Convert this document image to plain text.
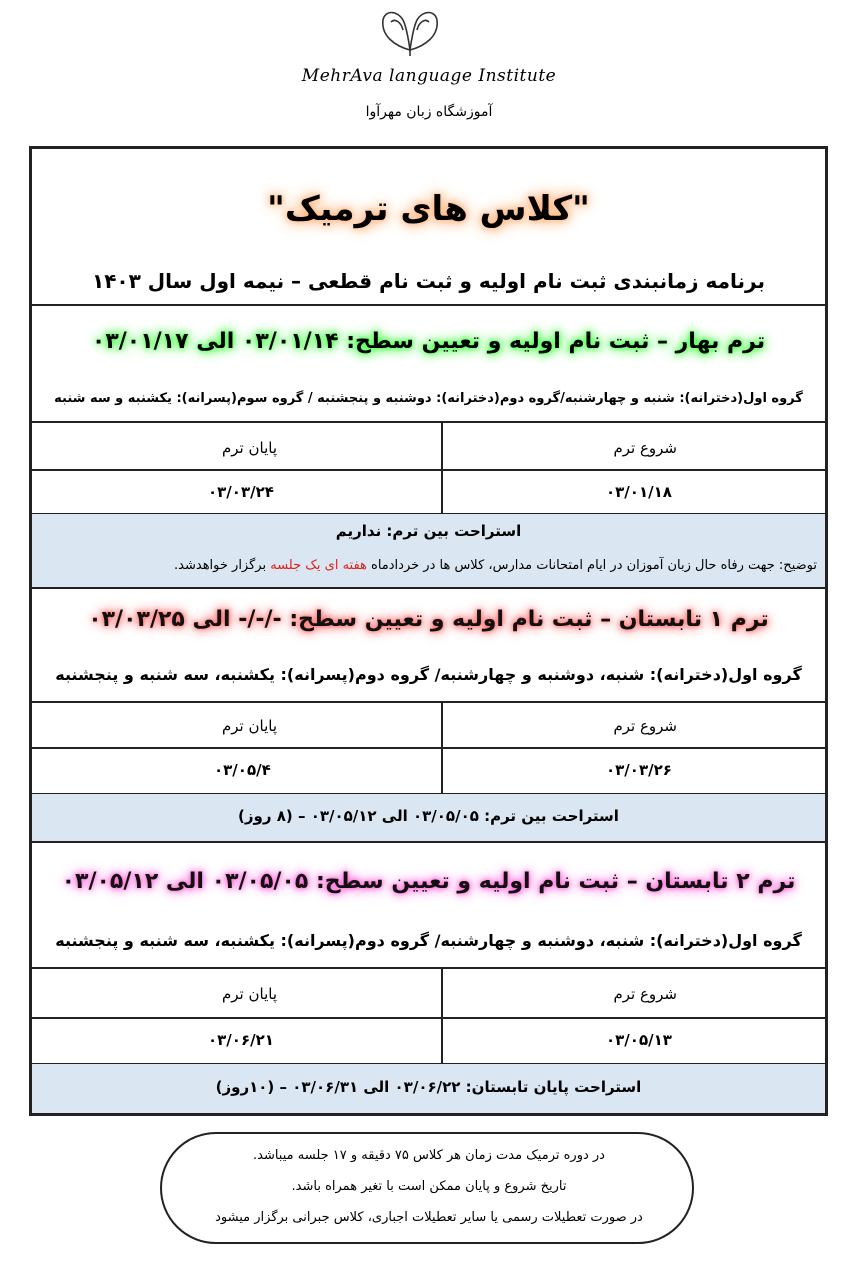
MehrAva language Institute
آموزشگاه زبان مهرآوا
"کلاس های ترمیک"
برنامه زمانبندی ثبت نام اولیه و ثبت نام قطعی – نیمه اول سال ۱۴۰۳
ترم بهار – ثبت نام اولیه و تعیین سطح: ۰۳/۰۱/۱۴ الی ۰۳/۰۱/۱۷
گروه اول(دخترانه): شنبه و چهارشنبه/گروه دوم(دخترانه): دوشنبه و پنجشنبه / گروه سوم(پسرانه): یکشنبه و سه شنبه
شروع ترم
پایان ترم
۰۳/۰۱/۱۸
۰۳/۰۳/۲۴
استراحت بین ترم: نداریم
توضیح: جهت رفاه حال زبان آموزان در ایام امتحانات مدارس، کلاس ها در خردادماه هفته ای یک جلسه برگزار خواهدشد.
ترم ۱ تابستان – ثبت نام اولیه و تعیین سطح: -/-/- الی ۰۳/۰۳/۲۵
گروه اول(دخترانه): شنبه، دوشنبه و چهارشنبه/ گروه دوم(پسرانه): یکشنبه، سه شنبه و پنجشنبه
شروع ترم
پایان ترم
۰۳/۰۳/۲۶
۰۳/۰۵/۴
استراحت بین ترم: ۰۳/۰۵/۰۵ الی ۰۳/۰۵/۱۲ – (۸ روز)
ترم ۲ تابستان – ثبت نام اولیه و تعیین سطح: ۰۳/۰۵/۰۵ الی ۰۳/۰۵/۱۲
گروه اول(دخترانه): شنبه، دوشنبه و چهارشنبه/ گروه دوم(پسرانه): یکشنبه، سه شنبه و پنجشنبه
شروع ترم
پایان ترم
۰۳/۰۵/۱۳
۰۳/۰۶/۲۱
استراحت پایان تابستان: ۰۳/۰۶/۲۲ الی ۰۳/۰۶/۳۱ – (۱۰روز)
در دوره ترمیک مدت زمان هر کلاس ۷۵ دقیقه و ۱۷ جلسه میباشد.
تاریخ شروع و پایان ممکن است با تغیر همراه باشد.
در صورت تعطیلات رسمی یا سایر تعطیلات اجباری، کلاس جبرانی برگزار میشود
